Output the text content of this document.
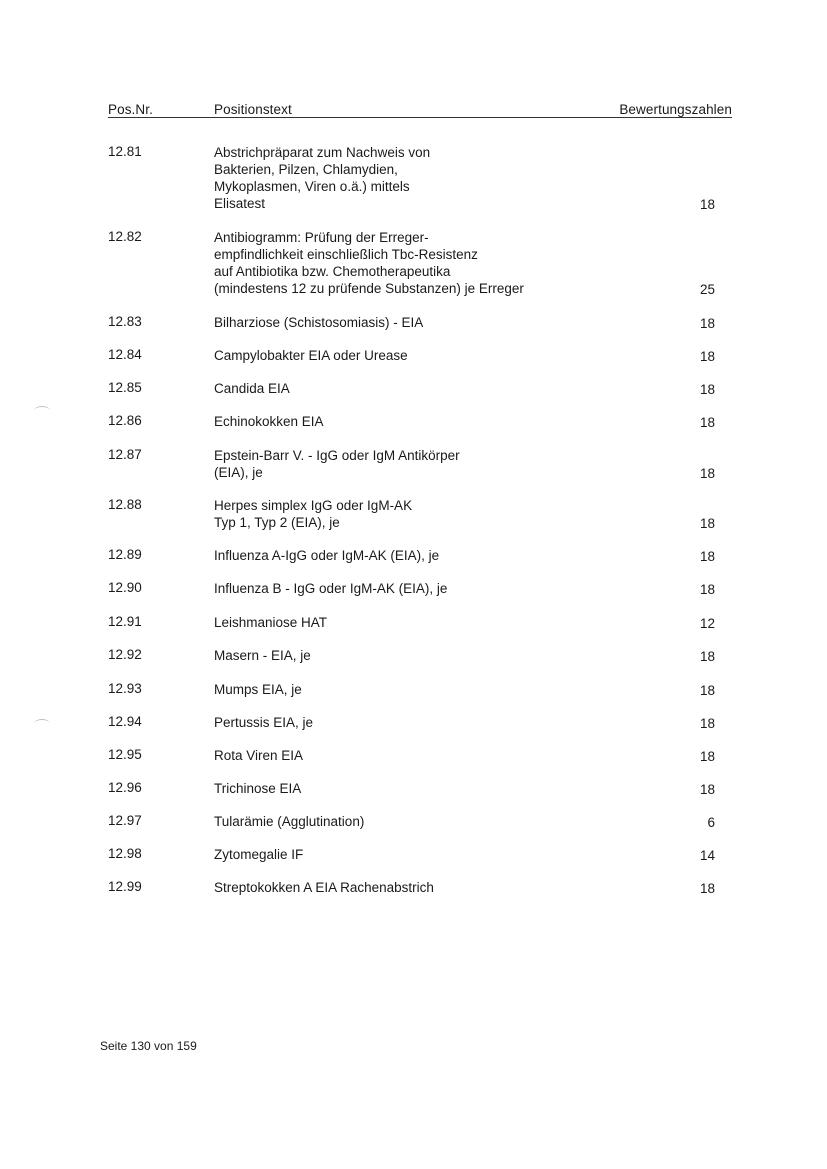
Pos.Nr.	Positionstext	Bewertungszahlen
12.81	Abstrichpräparat zum Nachweis von
Bakterien, Pilzen, Chlamydien,
Mykoplasmen, Viren o.ä.) mittels
Elisatest	18
12.82	Antibiogramm: Prüfung der Erreger-
empfindlichkeit einschließlich Tbc-Resistenz
auf Antibiotika bzw. Chemotherapeutika
(mindestens 12 zu prüfende Substanzen) je Erreger	25
12.83	Bilharziose (Schistosomiasis) - EIA	18
12.84	Campylobakter EIA oder Urease	18
12.85	Candida EIA	18
12.86	Echinokokken EIA	18
12.87	Epstein-Barr V. - IgG oder IgM Antikörper
(EIA), je	18
12.88	Herpes simplex IgG oder IgM-AK
Typ 1, Typ 2 (EIA), je	18
12.89	Influenza A-IgG oder IgM-AK (EIA), je	18
12.90	Influenza B - IgG oder IgM-AK (EIA), je	18
12.91	Leishmaniose HAT	12
12.92	Masern - EIA, je	18
12.93	Mumps EIA, je	18
12.94	Pertussis EIA, je	18
12.95	Rota Viren EIA	18
12.96	Trichinose EIA	18
12.97	Tularämie (Agglutination)	6
12.98	Zytomegalie IF	14
12.99	Streptokokken A EIA Rachenabstrich	18
Seite 130 von 159
